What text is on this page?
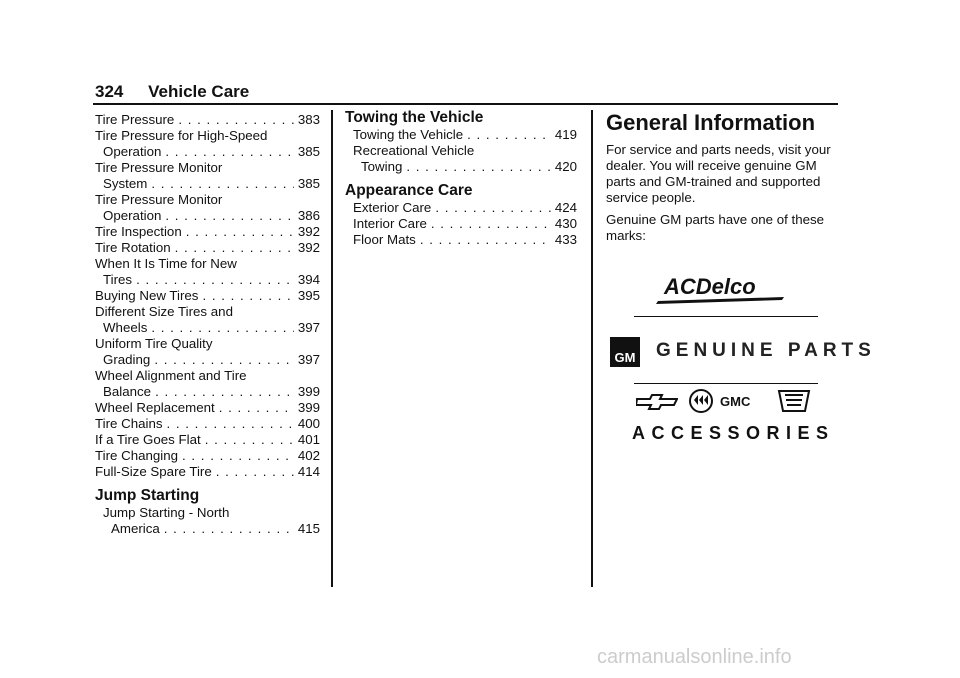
324 Vehicle Care
Tire Pressure . . .	383
Tire Pressure for High-Speed
Operation . . .	385
Tire Pressure Monitor
System . . .	385
Tire Pressure Monitor
Operation . . .	386
Tire Inspection . . .	392
Tire Rotation . . .	392
When It Is Time for New
Tires . . .	394
Buying New Tires . . .	395
Different Size Tires and
Wheels . . .	397
Uniform Tire Quality
Grading . . .	397
Wheel Alignment and Tire
Balance . . .	399
Wheel Replacement . . .	399
Tire Chains . . .	400
If a Tire Goes Flat . . .	401
Tire Changing . . .	402
Full-Size Spare Tire . . .	414
Jump Starting
Jump Starting - North
America . . .	415
Towing the Vehicle
Towing the Vehicle . . .	419
Recreational Vehicle
Towing . . .	420
Appearance Care
Exterior Care . . .	424
Interior Care . . .	430
Floor Mats . . .	433
General Information
For service and parts needs, visit your dealer. You will receive genuine GM parts and GM-trained and supported service people.
Genuine GM parts have one of these marks:
ACDelco
GM GENUINE PARTS
GMC
ACCESSORIES
carmanualsonline.info
